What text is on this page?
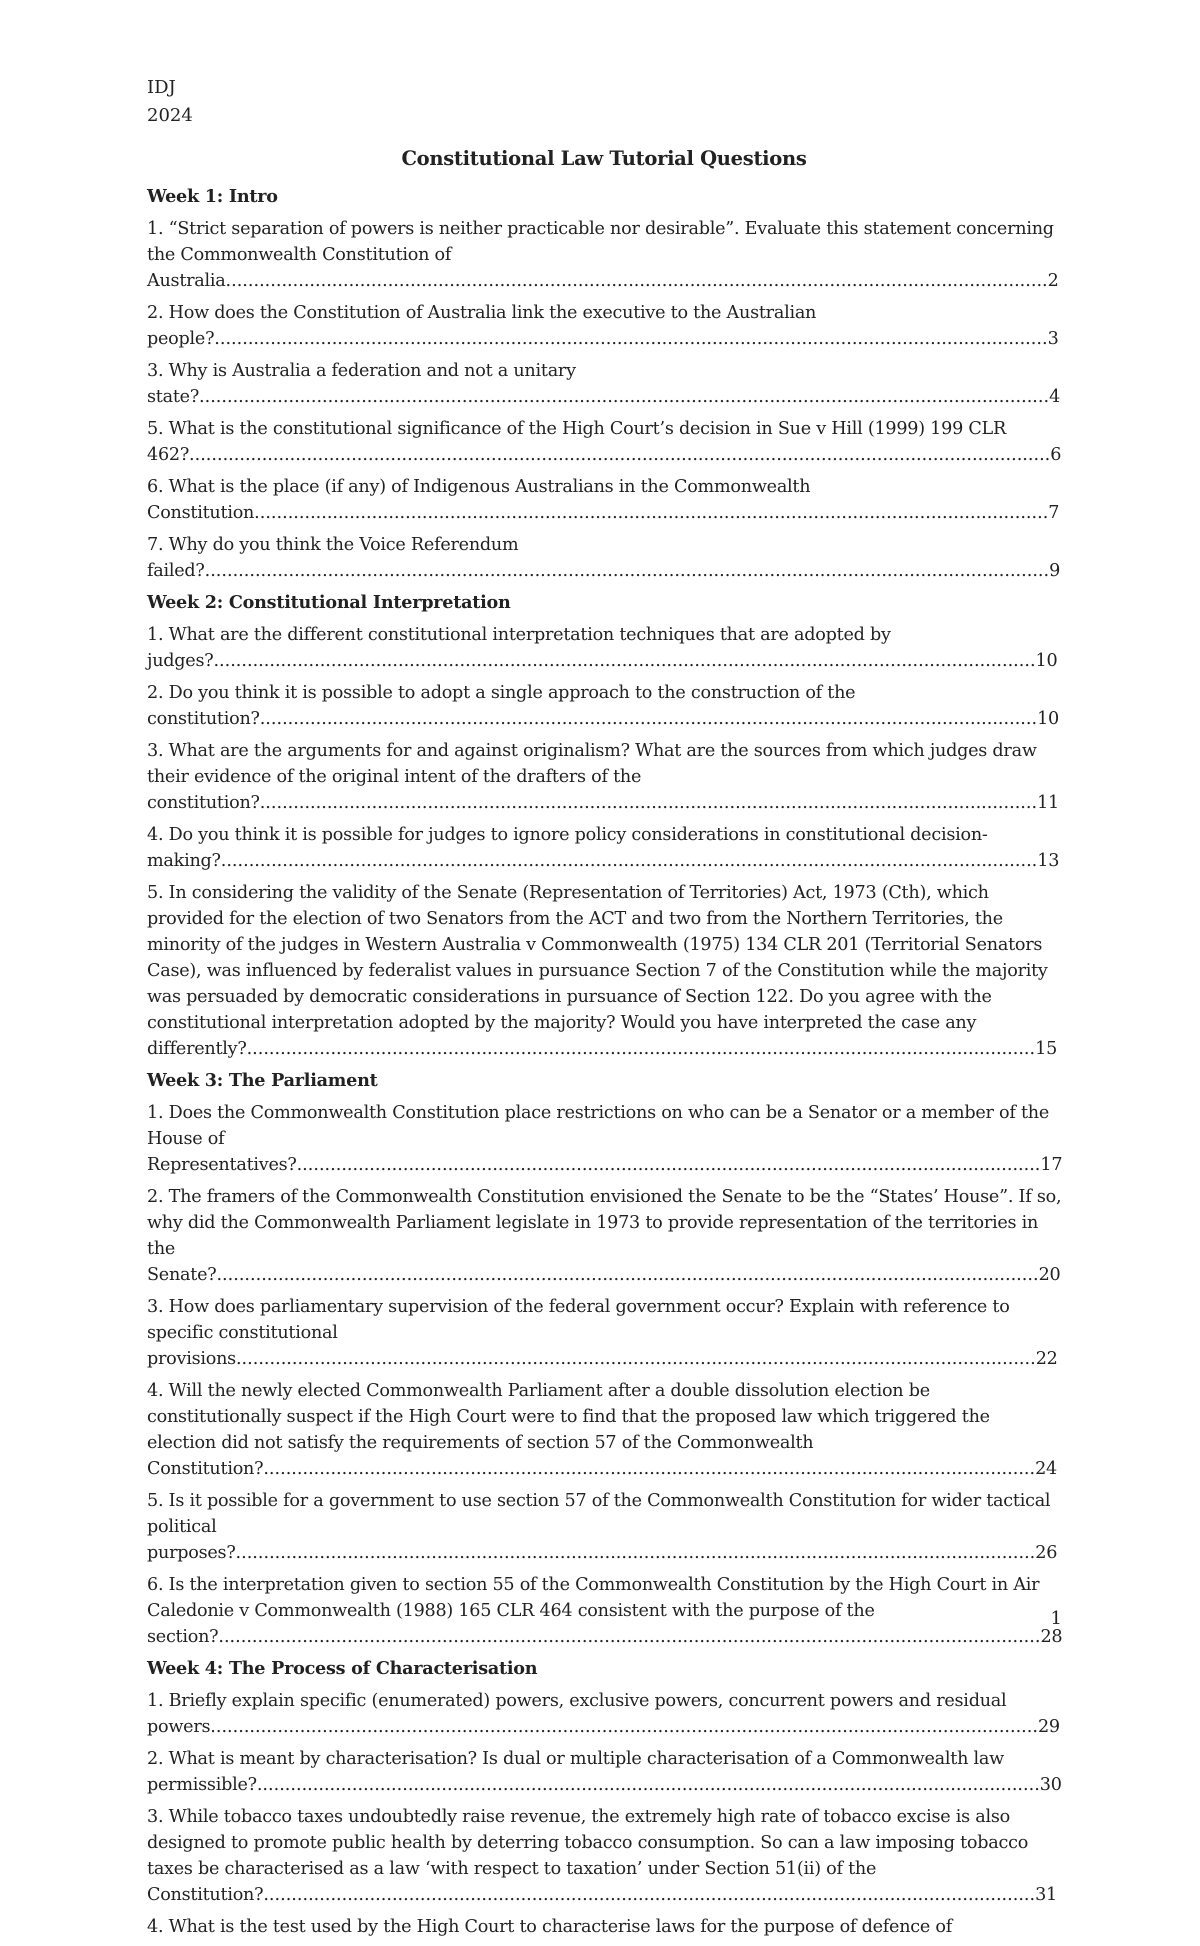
IDJ
2024
Constitutional Law Tutorial Questions
Week 1: Intro
1. “Strict separation of powers is neither practicable nor desirable”. Evaluate this statement concerning the Commonwealth Constitution of Australia...................................................................................................................................................2
2. How does the Constitution of Australia link the executive to the Australian people?.....................................................................................................................................................3
3. Why is Australia a federation and not a unitary state?........................................................................................................................................................4
5. What is the constitutional significance of the High Court’s decision in Sue v Hill (1999) 199 CLR 462?..........................................................................................................................................................6
6. What is the place (if any) of Indigenous Australians in the Commonwealth Constitution..............................................................................................................................................7
7. Why do you think the Voice Referendum failed?.......................................................................................................................................................9
Week 2: Constitutional Interpretation
1. What are the different constitutional interpretation techniques that are adopted by judges?...................................................................................................................................................10
2. Do you think it is possible to adopt a single approach to the construction of the constitution?...........................................................................................................................................10
3. What are the arguments for and against originalism? What are the sources from which judges draw their evidence of the original intent of the drafters of the constitution?...........................................................................................................................................11
4. Do you think it is possible for judges to ignore policy considerations in constitutional decision-making?..................................................................................................................................................13
5. In considering the validity of the Senate (Representation of Territories) Act, 1973 (Cth), which provided for the election of two Senators from the ACT and two from the Northern Territories, the minority of the judges in Western Australia v Commonwealth (1975) 134 CLR 201 (Territorial Senators Case), was influenced by federalist values in pursuance Section 7 of the Constitution while the majority was persuaded by democratic considerations in pursuance of Section 122. Do you agree with the constitutional interpretation adopted by the majority? Would you have interpreted the case any differently?.............................................................................................................................................15
Week 3: The Parliament
1. Does the Commonwealth Constitution place restrictions on who can be a Senator or a member of the House of Representatives?.....................................................................................................................................17
2. The framers of the Commonwealth Constitution envisioned the Senate to be the “States’ House”. If so, why did the Commonwealth Parliament legislate in 1973 to provide representation of the territories in the Senate?...................................................................................................................................................20
3. How does parliamentary supervision of the federal government occur? Explain with reference to specific constitutional provisions...............................................................................................................................................22
4. Will the newly elected Commonwealth Parliament after a double dissolution election be constitutionally suspect if the High Court were to find that the proposed law which triggered the election did not satisfy the requirements of section 57 of the Commonwealth Constitution?..........................................................................................................................................24
5. Is it possible for a government to use section 57 of the Commonwealth Constitution for wider tactical political purposes?...............................................................................................................................................26
6. Is the interpretation given to section 55 of the Commonwealth Constitution by the High Court in Air Caledonie v Commonwealth (1988) 165 CLR 464 consistent with the purpose of the section?...................................................................................................................................................28
Week 4: The Process of Characterisation
1. Briefly explain specific (enumerated) powers, exclusive powers, concurrent powers and residual powers....................................................................................................................................................29
2. What is meant by characterisation? Is dual or multiple characterisation of a Commonwealth law permissible?............................................................................................................................................30
3. While tobacco taxes undoubtedly raise revenue, the extremely high rate of tobacco excise is also designed to promote public health by deterring tobacco consumption. So can a law imposing tobacco taxes be characterised as a law ‘with respect to taxation’ under Section 51(ii) of the Constitution?..........................................................................................................................................31
4. What is the test used by the High Court to characterise laws for the purpose of defence of
1
